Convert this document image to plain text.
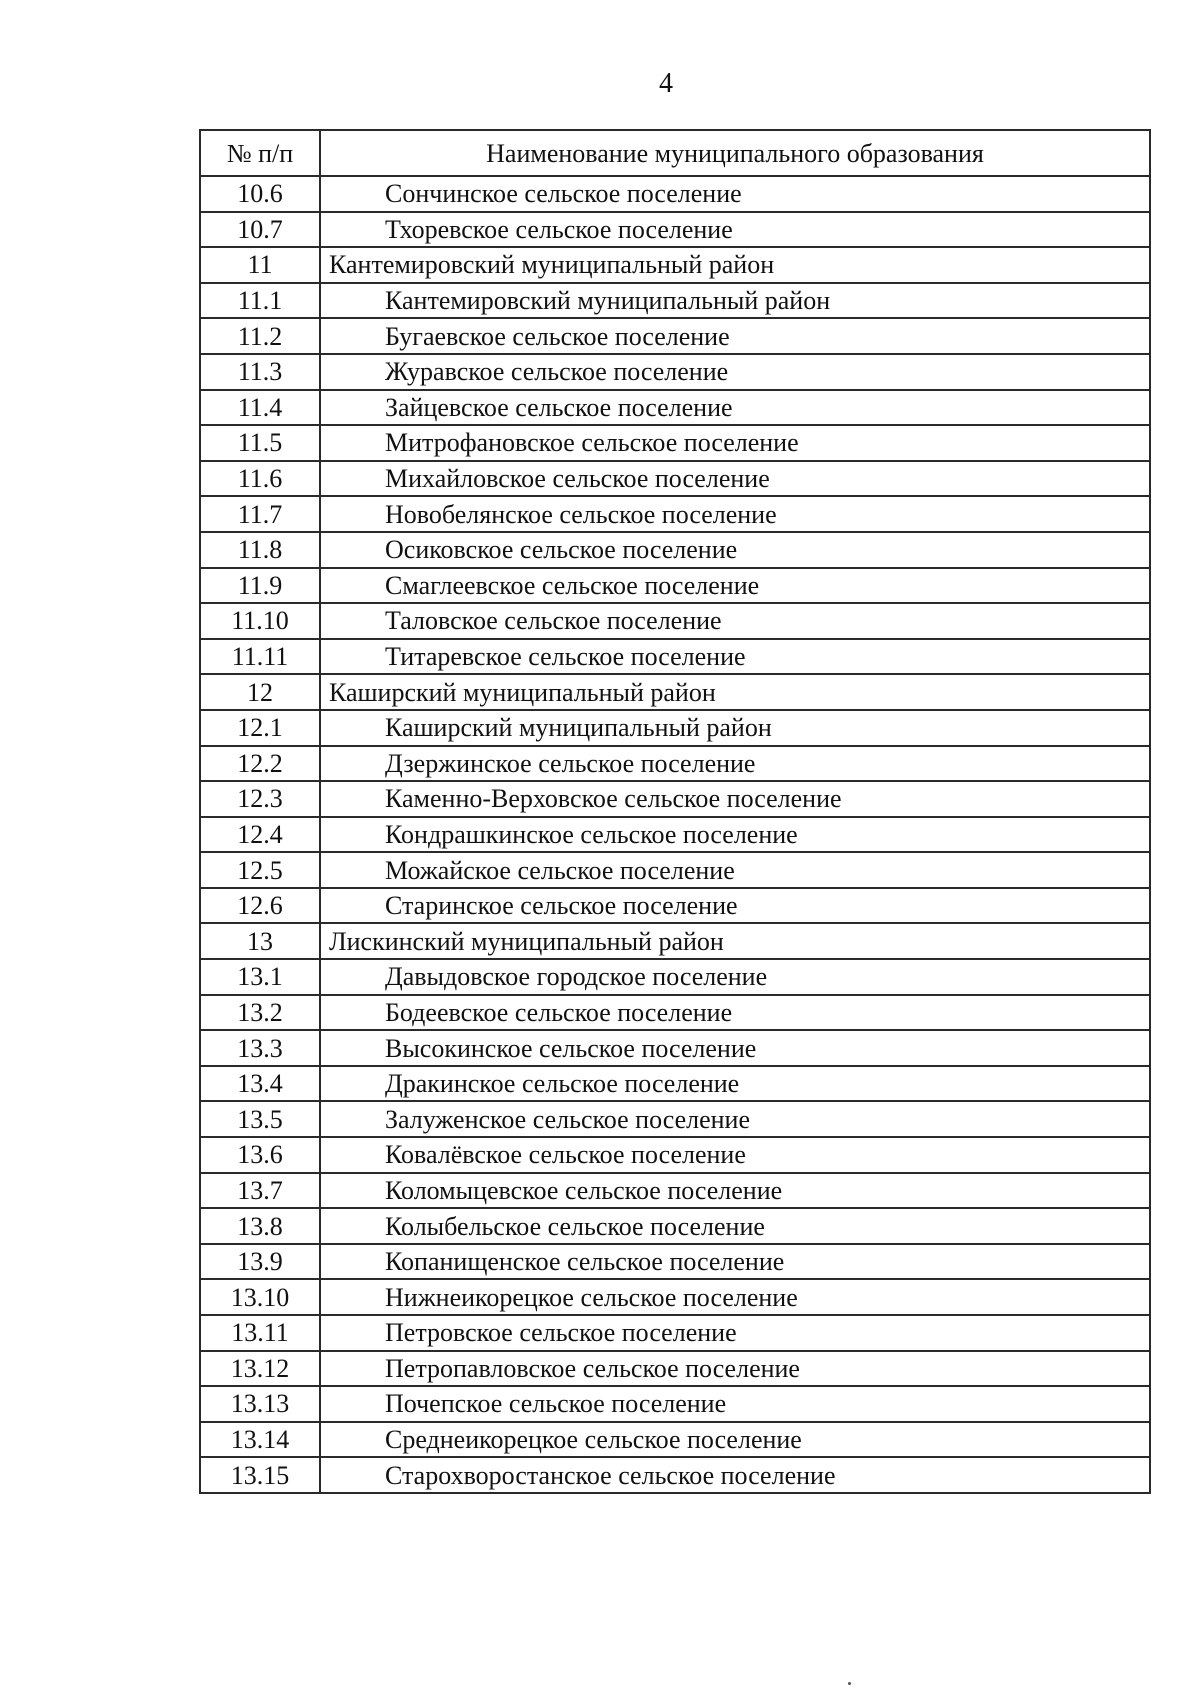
4
№ п/п	Наименование муниципального образования
10.6	Сончинское сельское поселение
10.7	Тхоревское сельское поселение
11	Кантемировский муниципальный район
11.1	Кантемировский муниципальный район
11.2	Бугаевское сельское поселение
11.3	Журавское сельское поселение
11.4	Зайцевское сельское поселение
11.5	Митрофановское сельское поселение
11.6	Михайловское сельское поселение
11.7	Новобелянское сельское поселение
11.8	Осиковское сельское поселение
11.9	Смаглеевское сельское поселение
11.10	Таловское сельское поселение
11.11	Титаревское сельское поселение
12	Каширский муниципальный район
12.1	Каширский муниципальный район
12.2	Дзержинское сельское поселение
12.3	Каменно-Верховское сельское поселение
12.4	Кондрашкинское сельское поселение
12.5	Можайское сельское поселение
12.6	Старинское сельское поселение
13	Лискинский муниципальный район
13.1	Давыдовское городское поселение
13.2	Бодеевское сельское поселение
13.3	Высокинское сельское поселение
13.4	Дракинское сельское поселение
13.5	Залуженское сельское поселение
13.6	Ковалёвское сельское поселение
13.7	Коломыцевское сельское поселение
13.8	Колыбельское сельское поселение
13.9	Копанищенское сельское поселение
13.10	Нижнеикорецкое сельское поселение
13.11	Петровское сельское поселение
13.12	Петропавловское сельское поселение
13.13	Почепское сельское поселение
13.14	Среднеикорецкое сельское поселение
13.15	Старохворостанское сельское поселение
